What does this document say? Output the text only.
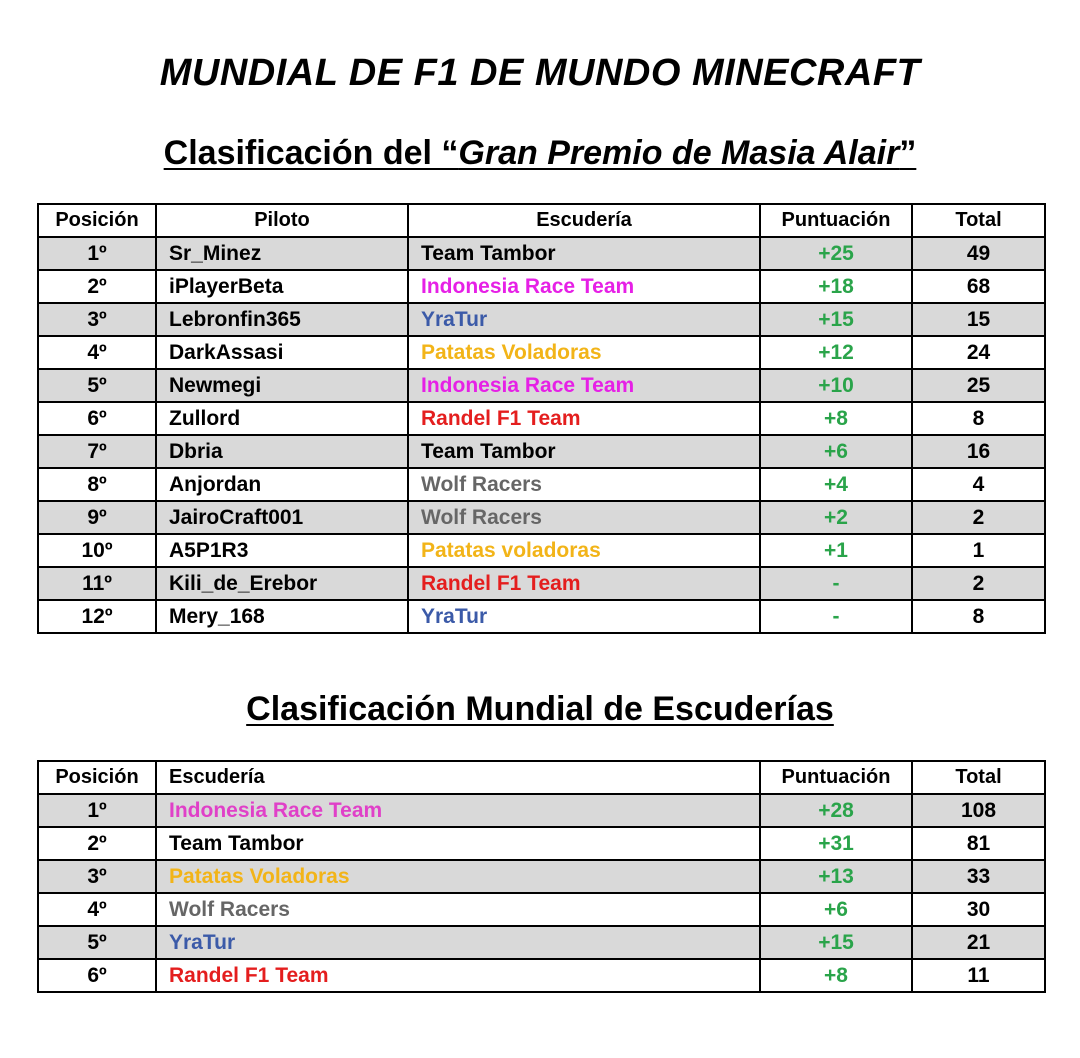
MUNDIAL DE F1 DE MUNDO MINECRAFT
Clasificación del “Gran Premio de Masia Alair”
Posición	Piloto	Escudería	Puntuación	Total
1º	Sr_Minez	Team Tambor	+25	49
2º	iPlayerBeta	Indonesia Race Team	+18	68
3º	Lebronfin365	YraTur	+15	15
4º	DarkAssasi	Patatas Voladoras	+12	24
5º	Newmegi	Indonesia Race Team	+10	25
6º	Zullord	Randel F1 Team	+8	8
7º	Dbria	Team Tambor	+6	16
8º	Anjordan	Wolf Racers	+4	4
9º	JairoCraft001	Wolf Racers	+2	2
10º	A5P1R3	Patatas voladoras	+1	1
11º	Kili_de_Erebor	Randel F1 Team	-	2
12º	Mery_168	YraTur	-	8
Clasificación Mundial de Escuderías
Posición	Escudería	Puntuación	Total
1º	Indonesia Race Team	+28	108
2º	Team Tambor	+31	81
3º	Patatas Voladoras	+13	33
4º	Wolf Racers	+6	30
5º	YraTur	+15	21
6º	Randel F1 Team	+8	11
